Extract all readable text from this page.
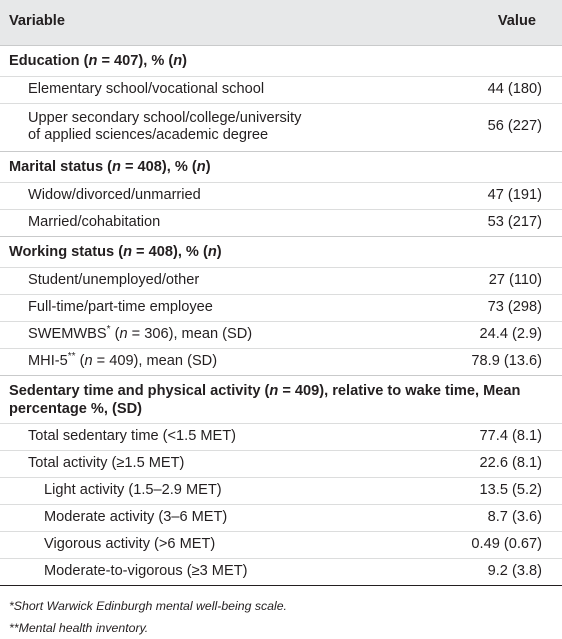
Variable	Value
Education (n = 407), % (n)	
Elementary school/vocational school	44 (180)
Upper secondary school/college/university of applied sciences/academic degree	56 (227)
Marital status (n = 408), % (n)	
Widow/divorced/unmarried	47 (191)
Married/cohabitation	53 (217)
Working status (n = 408), % (n)	
Student/unemployed/other	27 (110)
Full-time/part-time employee	73 (298)
SWEMWBS* (n = 306), mean (SD)	24.4 (2.9)
MHI-5** (n = 409), mean (SD)	78.9 (13.6)
Sedentary time and physical activity (n = 409), relative to wake time, Mean percentage %, (SD)	
Total sedentary time (<1.5 MET)	77.4 (8.1)
Total activity (≥1.5 MET)	22.6 (8.1)
Light activity (1.5–2.9 MET)	13.5 (5.2)
Moderate activity (3–6 MET)	8.7 (3.6)
Vigorous activity (>6 MET)	0.49 (0.67)
Moderate-to-vigorous (≥3 MET)	9.2 (3.8)
*Short Warwick Edinburgh mental well-being scale.
**Mental health inventory.
